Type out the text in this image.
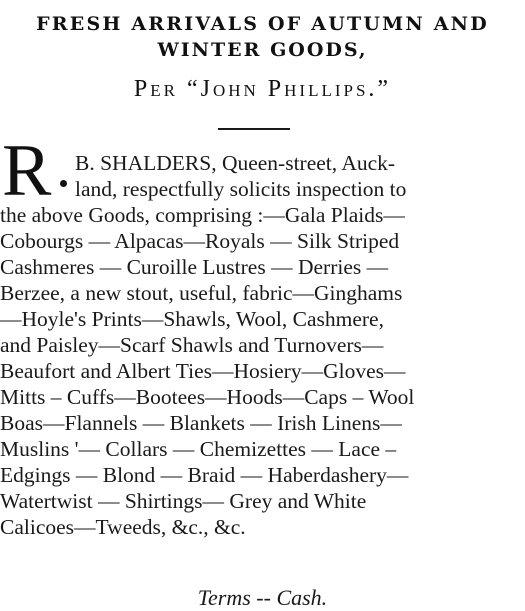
FRESH ARRIVALS OF AUTUMN AND
WINTER GOODS,
Per “John Phillips.”
R B. SHALDERS, Queen-street, Auck-
land, respectfully solicits inspection to
the above Goods, comprising :—Gala Plaids—
Cobourgs — Alpacas—Royals — Silk Striped
Cashmeres — Curoille Lustres — Derries —
Berzee, a new stout, useful, fabric—Ginghams
—Hoyle's Prints—Shawls, Wool, Cashmere,
and Paisley—Scarf Shawls and Turnovers—
Beaufort and Albert Ties—Hosiery—Gloves—
Mitts – Cuffs—Bootees—Hoods—Caps – Wool
Boas—Flannels — Blankets — Irish Linens—
Muslins '— Collars — Chemizettes — Lace –
Edgings — Blond — Braid — Haberdashery—
Watertwist — Shirtings— Grey and White
Calicoes—Tweeds, &c., &c.
Terms -- Cash.
